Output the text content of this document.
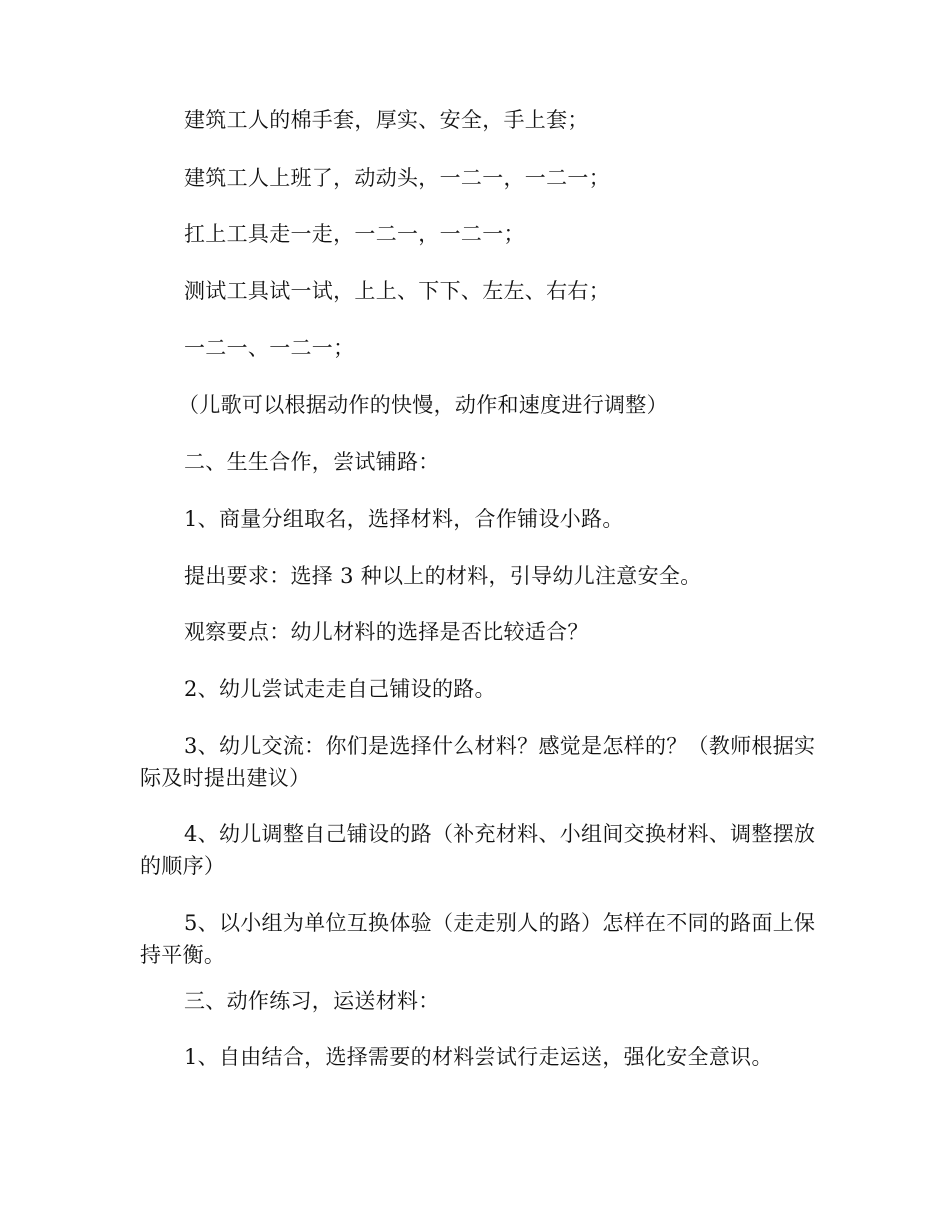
建筑工人的棉手套，厚实、安全，手上套；

建筑工人上班了，动动头，一二一，一二一；

扛上工具走一走，一二一，一二一；

测试工具试一试，上上、下下、左左、右右；

一二一、一二一；

（儿歌可以根据动作的快慢，动作和速度进行调整）

二、生生合作，尝试铺路：

1、商量分组取名，选择材料，合作铺设小路。

提出要求：选择 3 种以上的材料，引导幼儿注意安全。

观察要点：幼儿材料的选择是否比较适合？

2、幼儿尝试走走自己铺设的路。

3、幼儿交流：你们是选择什么材料？感觉是怎样的？（教师根据实际及时提出建议）

4、幼儿调整自己铺设的路（补充材料、小组间交换材料、调整摆放的顺序）

5、以小组为单位互换体验（走走别人的路）怎样在不同的路面上保持平衡。

三、动作练习，运送材料：

1、自由结合，选择需要的材料尝试行走运送，强化安全意识。
